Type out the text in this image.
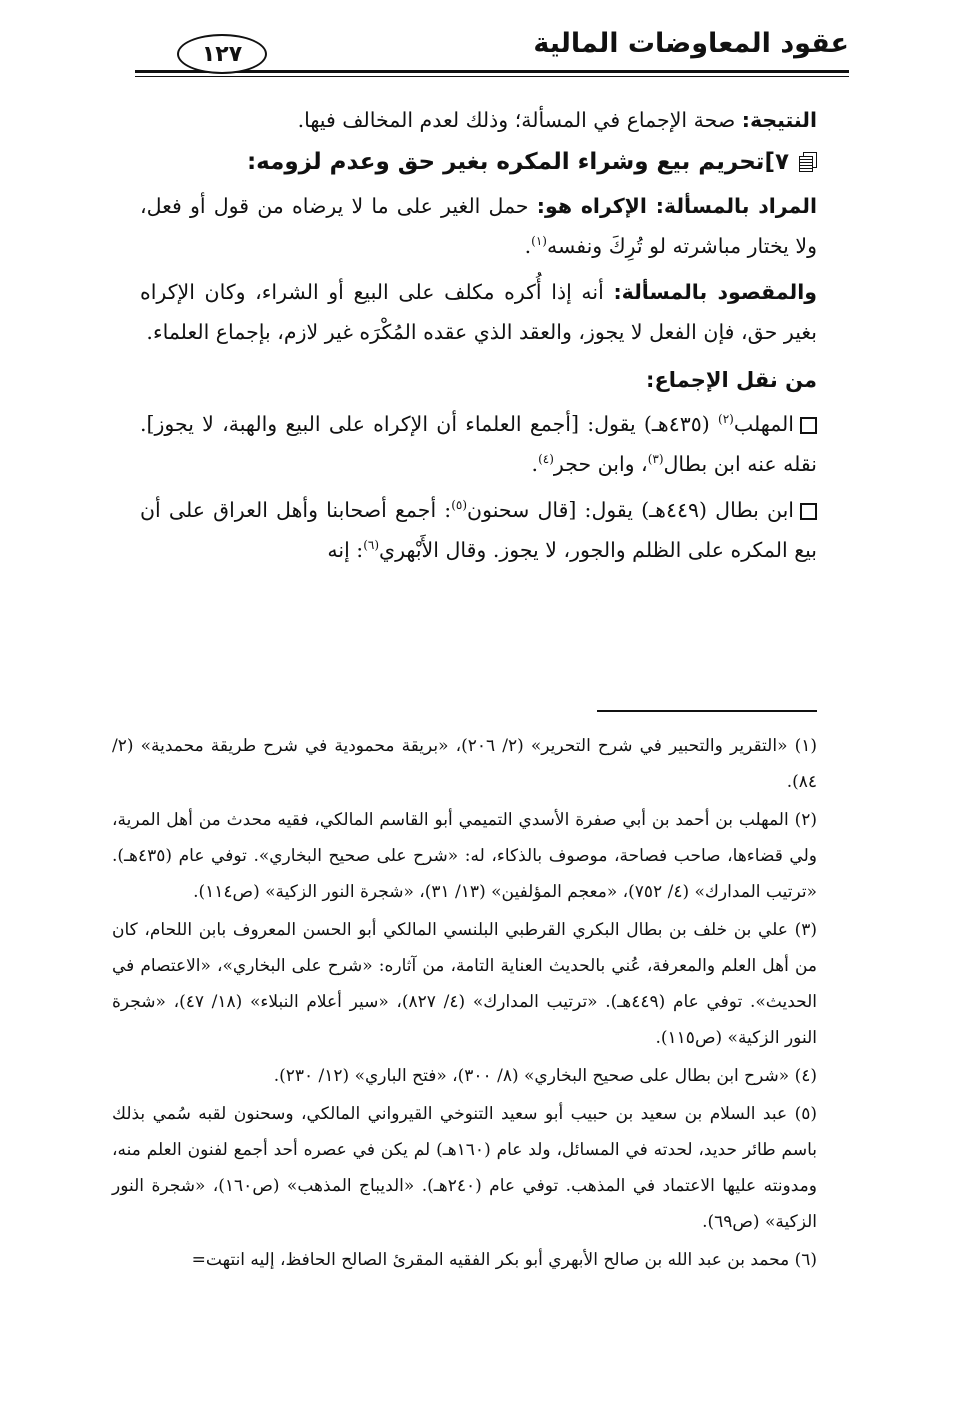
عقود المعاوضات المالية
١٢٧

النتيجة: صحة الإجماع في المسألة؛ وذلك لعدم المخالف فيها.

٧]
تحريم بيع وشراء المكره بغير حق وعدم لزومه:

المراد بالمسألة: الإكراه هو: حمل الغير على ما لا يرضاه من قول أو فعل، ولا يختار مباشرته لو تُرِكَ ونفسه$^{(١)}$.

والمقصود بالمسألة: أنه إذا أُكره مكلف على البيع أو الشراء، وكان الإكراه بغير حق، فإن الفعل لا يجوز، والعقد الذي عقده المُكْرَه غير لازم، بإجماع العلماء.

من نقل الإجماع:

المهلب$^{(٢)}$ (٤٣٥هـ) يقول: [أجمع العلماء أن الإكراه على البيع والهبة، لا يجوز]. نقله عنه ابن بطال$^{(٣)}$، وابن حجر$^{(٤)}$.

ابن بطال (٤٤٩هـ) يقول: [قال سحنون$^{(٥)}$: أجمع أصحابنا وأهل العراق على أن بيع المكره على الظلم والجور، لا يجوز. وقال الأَبْهري$^{(٦)}$: إنه

(١) «التقرير والتحبير في شرح التحرير» (٢/ ٢٠٦)، «بريقة محمودية في شرح طريقة محمدية» (٢/ ٨٤).

(٢) المهلب بن أحمد بن أبي صفرة الأسدي التميمي أبو القاسم المالكي، فقيه محدث من أهل المرية، ولي قضاءها، صاحب فصاحة، موصوف بالذكاء، له: «شرح على صحيح البخاري». توفي عام (٤٣٥هـ). «ترتيب المدارك» (٤/ ٧٥٢)، «معجم المؤلفين» (١٣/ ٣١)، «شجرة النور الزكية» (ص١١٤).

(٣) علي بن خلف بن بطال البكري القرطبي البلنسي المالكي أبو الحسن المعروف بابن اللحام، كان من أهل العلم والمعرفة، عُني بالحديث العناية التامة، من آثاره: «شرح على البخاري»، «الاعتصام في الحديث». توفي عام (٤٤٩هـ). «ترتيب المدارك» (٤/ ٨٢٧)، «سير أعلام النبلاء» (١٨/ ٤٧)، «شجرة النور الزكية» (ص١١٥).

(٤) «شرح ابن بطال على صحيح البخاري» (٨/ ٣٠٠)، «فتح الباري» (١٢/ ٢٣٠).

(٥) عبد السلام بن سعيد بن حبيب أبو سعيد التنوخي القيرواني المالكي، وسحنون لقبه سُمي بذلك باسم طائر حديد، لحدته في المسائل، ولد عام (١٦٠هـ) لم يكن في عصره أحد أجمع لفنون العلم منه، ومدونته عليها الاعتماد في المذهب. توفي عام (٢٤٠هـ). «الديباج المذهب» (ص١٦٠)، «شجرة النور الزكية» (ص٦٩).

(٦) محمد بن عبد الله بن صالح الأبهري أبو بكر الفقيه المقرئ الصالح الحافظ، إليه انتهت=
